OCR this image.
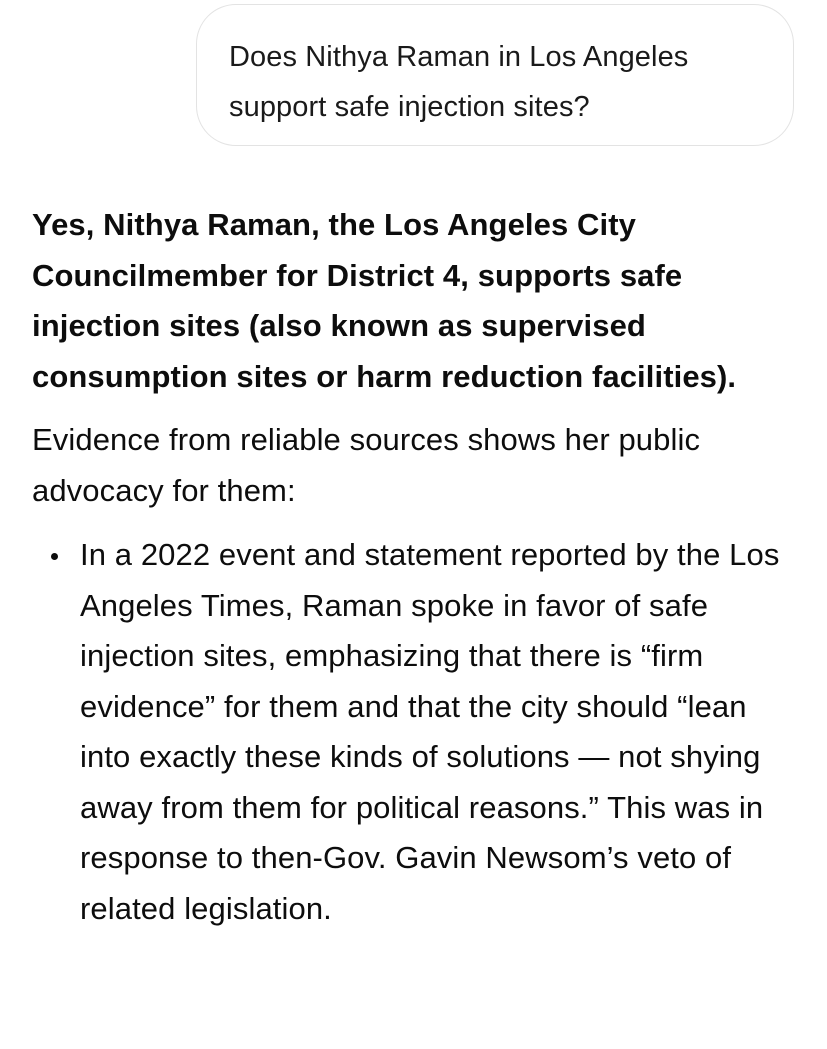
Does Nithya Raman in Los Angeles support safe injection sites?

Yes, Nithya Raman, the Los Angeles City Councilmember for District 4, supports safe injection sites (also known as supervised consumption sites or harm reduction facilities).

Evidence from reliable sources shows her public advocacy for them:

In a 2022 event and statement reported by the Los Angeles Times, Raman spoke in favor of safe injection sites, emphasizing that there is “firm evidence” for them and that the city should “lean into exactly these kinds of solutions — not shying away from them for political reasons.” This was in response to then-Gov. Gavin Newsom’s veto of related legislation.
